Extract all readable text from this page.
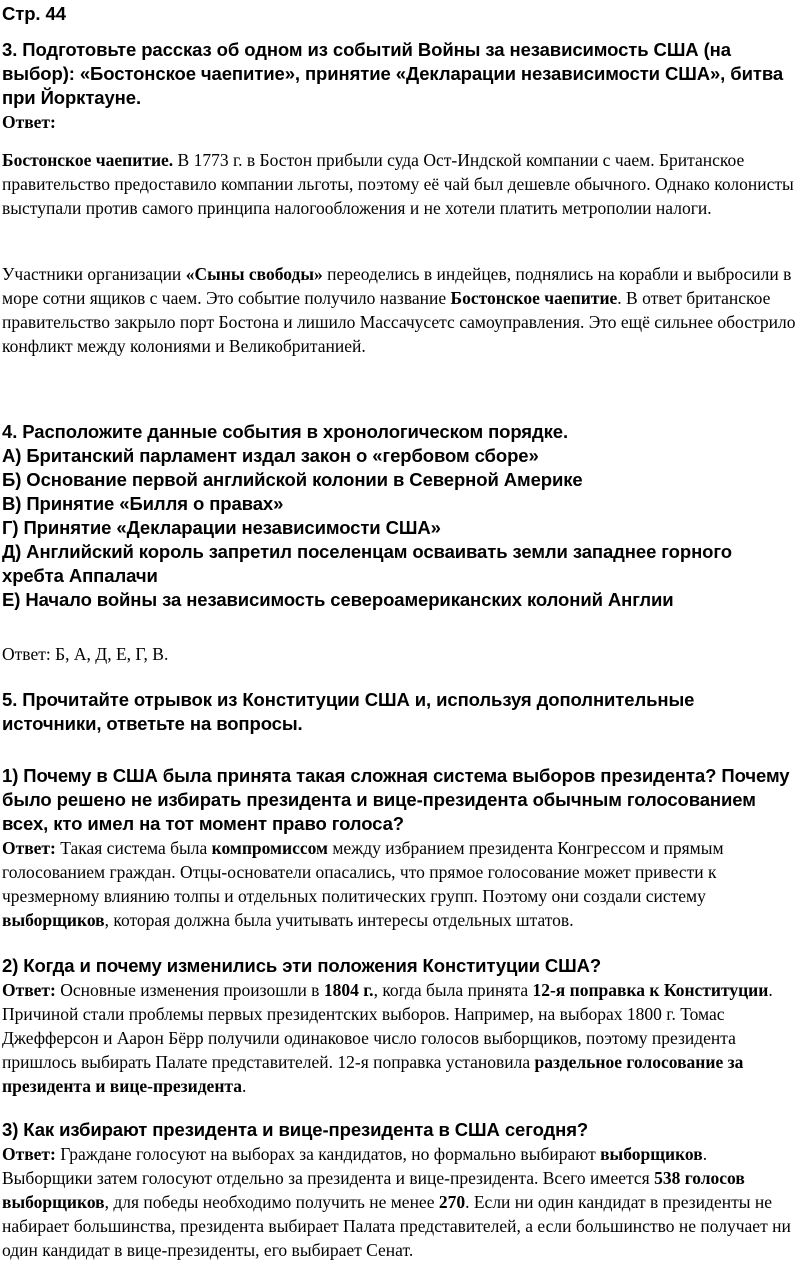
Стр. 44

3. Подготовьте рассказ об одном из событий Войны за независимость США (на выбор): «Бостонское чаепитие», принятие «Декларации независимости США», битва при Йорктауне.

Ответ:

Бостонское чаепитие. В 1773 г. в Бостон прибыли суда Ост-Индской компании с чаем. Британское правительство предоставило компании льготы, поэтому её чай был дешевле обычного. Однако колонисты выступали против самого принципа налогообложения и не хотели платить метрополии налоги.

Участники организации «Сыны свободы» переоделись в индейцев, поднялись на корабли и выбросили в море сотни ящиков с чаем. Это событие получило название Бостонское чаепитие. В ответ британское правительство закрыло порт Бостона и лишило Массачусетс самоуправления. Это ещё сильнее обострило конфликт между колониями и Великобританией.

4. Расположите данные события в хронологическом порядке.

А) Британский парламент издал закон о «гербовом сборе»

Б) Основание первой английской колонии в Северной Америке

В) Принятие «Билля о правах»

Г) Принятие «Декларации независимости США»

Д) Английский король запретил поселенцам осваивать земли западнее горного хребта Аппалачи

Е) Начало войны за независимость североамериканских колоний Англии

Ответ: Б, А, Д, Е, Г, В.

5. Прочитайте отрывок из Конституции США и, используя дополнительные источники, ответьте на вопросы.

1) Почему в США была принята такая сложная система выборов президента? Почему было решено не избирать президента и вице-президента обычным голосованием всех, кто имел на тот момент право голоса?

Ответ: Такая система была компромиссом между избранием президента Конгрессом и прямым голосованием граждан. Отцы-основатели опасались, что прямое голосование может привести к чрезмерному влиянию толпы и отдельных политических групп. Поэтому они создали систему выборщиков, которая должна была учитывать интересы отдельных штатов.

2) Когда и почему изменились эти положения Конституции США?

Ответ: Основные изменения произошли в 1804 г., когда была принята 12-я поправка к Конституции. Причиной стали проблемы первых президентских выборов. Например, на выборах 1800 г. Томас Джефферсон и Аарон Бёрр получили одинаковое число голосов выборщиков, поэтому президента пришлось выбирать Палате представителей. 12-я поправка установила раздельное голосование за президента и вице-президента.

3) Как избирают президента и вице-президента в США сегодня?

Ответ: Граждане голосуют на выборах за кандидатов, но формально выбирают выборщиков. Выборщики затем голосуют отдельно за президента и вице-президента. Всего имеется 538 голосов выборщиков, для победы необходимо получить не менее 270. Если ни один кандидат в президенты не набирает большинства, президента выбирает Палата представителей, а если большинство не получает ни один кандидат в вице-президенты, его выбирает Сенат.
